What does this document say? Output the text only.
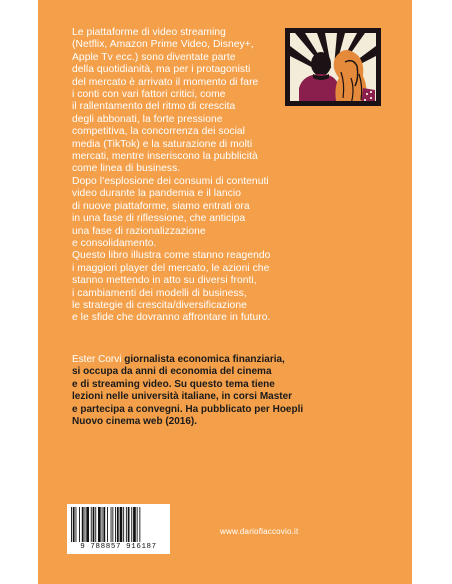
Le piattaforme di video streaming
(Netflix, Amazon Prime Video, Disney+,
Apple Tv ecc.) sono diventate parte
della quotidianità, ma per i protagonisti
del mercato è arrivato il momento di fare
i conti con vari fattori critici, come
il rallentamento del ritmo di crescita
degli abbonati, la forte pressione
competitiva, la concorrenza dei social
media (TikTok) e la saturazione di molti
mercati, mentre inseriscono la pubblicità
come linea di business.
Dopo l’esplosione dei consumi di contenuti
video durante la pandemia e il lancio
di nuove piattaforme, siamo entrati ora
in una fase di riflessione, che anticipa
una fase di razionalizzazione
e consolidamento.
Questo libro illustra come stanno reagendo
i maggiori player del mercato, le azioni che
stanno mettendo in atto su diversi fronti,
i cambiamenti dei modelli di business,
le strategie di crescita/diversificazione
e le sfide che dovranno affrontare in futuro.

Ester Corvi giornalista economica finanziaria,
si occupa da anni di economia del cinema
e di streaming video. Su questo tema tiene
lezioni nelle università italiane, in corsi Master
e partecipa a convegni. Ha pubblicato per Hoepli
Nuovo cinema web (2016).

9 788857 916187
www.darioflaccovio.it
